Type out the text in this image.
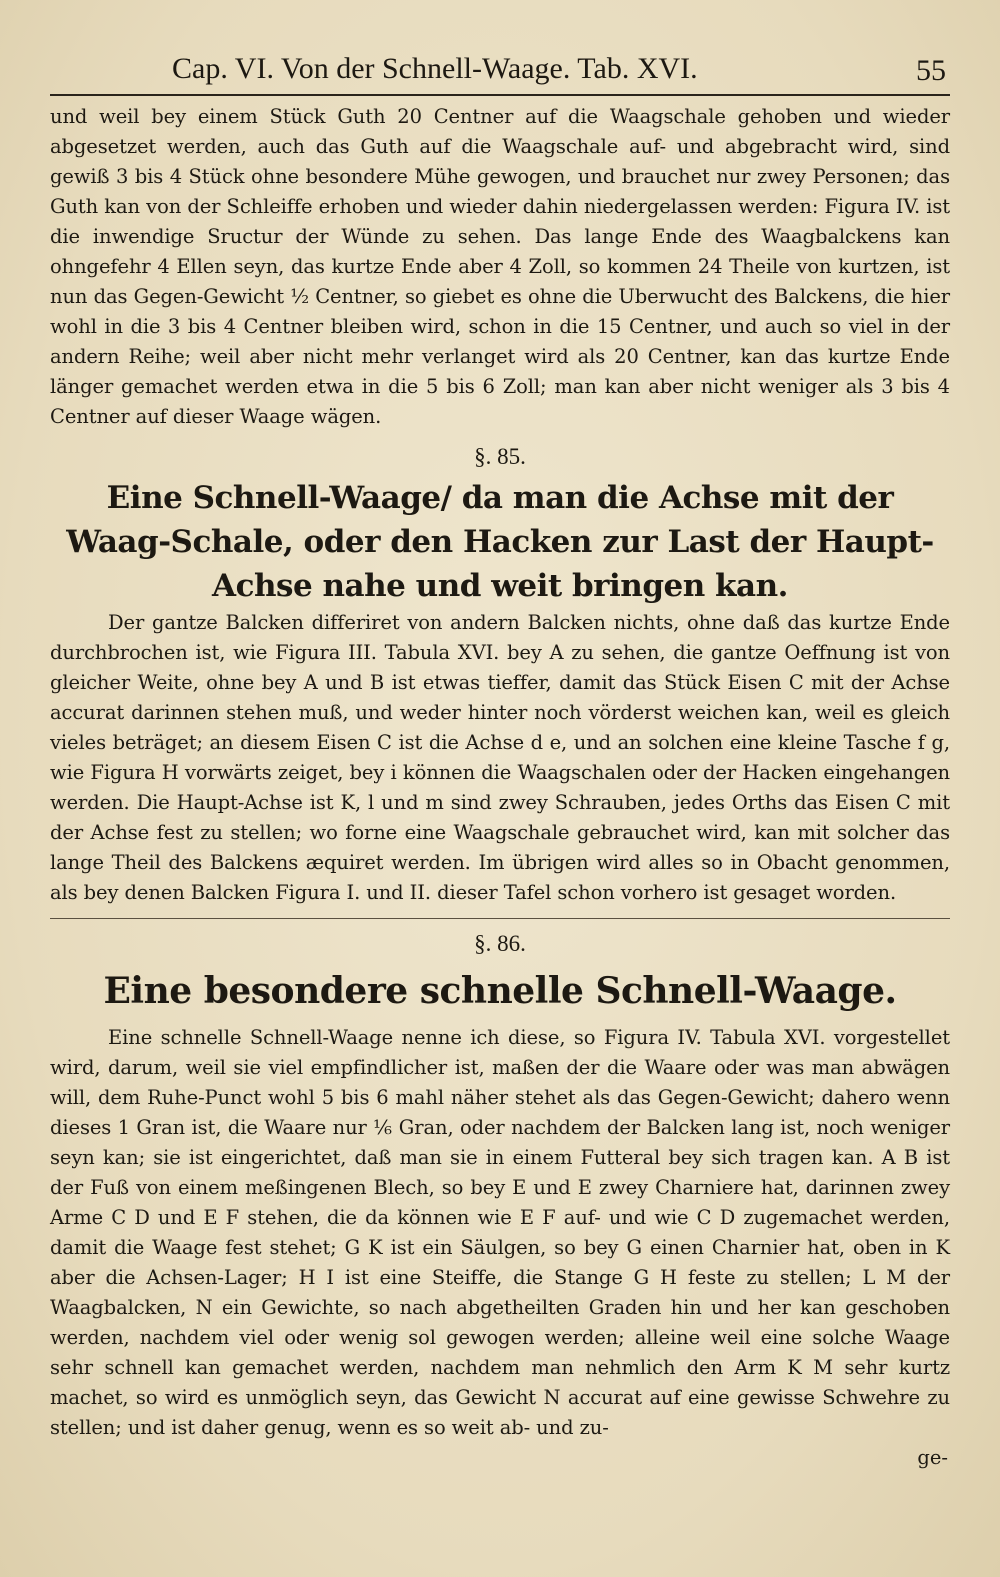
Cap. VI. Von der Schnell-Waage. Tab. XVI.	55

und weil bey einem Stück Guth 20 Centner auf die Waagschale gehoben und wieder abgesetzet werden, auch das Guth auf die Waagschale auf- und abgebracht wird, sind gewiß 3 bis 4 Stück ohne besondere Mühe gewogen, und brauchet nur zwey Personen; das Guth kan von der Schleiffe erhoben und wieder dahin niedergelassen werden: Figura IV. ist die inwendige Sructur der Wünde zu sehen. Das lange Ende des Waagbalckens kan ohngefehr 4 Ellen seyn, das kurtze Ende aber 4 Zoll, so kommen 24 Theile von kurtzen, ist nun das Gegen-Gewicht ½ Centner, so giebet es ohne die Uberwucht des Balckens, die hier wohl in die 3 bis 4 Centner bleiben wird, schon in die 15 Centner, und auch so viel in der andern Reihe; weil aber nicht mehr verlanget wird als 20 Centner, kan das kurtze Ende länger gemachet werden etwa in die 5 bis 6 Zoll; man kan aber nicht weniger als 3 bis 4 Centner auf dieser Waage wägen.

§. 85.
Eine Schnell-Waage/ da man die Achse mit der Waag-Schale, oder den Hacken zur Last der Haupt-Achse nahe und weit bringen kan.

Der gantze Balcken differiret von andern Balcken nichts, ohne daß das kurtze Ende durchbrochen ist, wie Figura III. Tabula XVI. bey A zu sehen, die gantze Oeffnung ist von gleicher Weite, ohne bey A und B ist etwas tieffer, damit das Stück Eisen C mit der Achse accurat darinnen stehen muß, und weder hinter noch vörderst weichen kan, weil es gleich vieles beträget; an diesem Eisen C ist die Achse d e, und an solchen eine kleine Tasche f g, wie Figura H vorwärts zeiget, bey i können die Waagschalen oder der Hacken eingehangen werden. Die Haupt-Achse ist K, l und m sind zwey Schrauben, jedes Orths das Eisen C mit der Achse fest zu stellen; wo forne eine Waagschale gebrauchet wird, kan mit solcher das lange Theil des Balckens æquiret werden. Im übrigen wird alles so in Obacht genommen, als bey denen Balcken Figura I. und II. dieser Tafel schon vorhero ist gesaget worden.

§. 86.
Eine besondere schnelle Schnell-Waage.

Eine schnelle Schnell-Waage nenne ich diese, so Figura IV. Tabula XVI. vorgestellet wird, darum, weil sie viel empfindlicher ist, maßen der die Waare oder was man abwägen will, dem Ruhe-Punct wohl 5 bis 6 mahl näher stehet als das Gegen-Gewicht; dahero wenn dieses 1 Gran ist, die Waare nur ⅙ Gran, oder nachdem der Balcken lang ist, noch weniger seyn kan; sie ist eingerichtet, daß man sie in einem Futteral bey sich tragen kan. A B ist der Fuß von einem meßingenen Blech, so bey E und E zwey Charniere hat, darinnen zwey Arme C D und E F stehen, die da können wie E F auf- und wie C D zugemachet werden, damit die Waage fest stehet; G K ist ein Säulgen, so bey G einen Charnier hat, oben in K aber die Achsen-Lager; H I ist eine Steiffe, die Stange G H feste zu stellen; L M der Waagbalcken, N ein Gewichte, so nach abgetheilten Graden hin und her kan geschoben werden, nachdem viel oder wenig sol gewogen werden; alleine weil eine solche Waage sehr schnell kan gemachet werden, nachdem man nehmlich den Arm K M sehr kurtz machet, so wird es unmöglich seyn, das Gewicht N accurat auf eine gewisse Schwehre zu stellen; und ist daher genug, wenn es so weit ab- und zu-

ge-
